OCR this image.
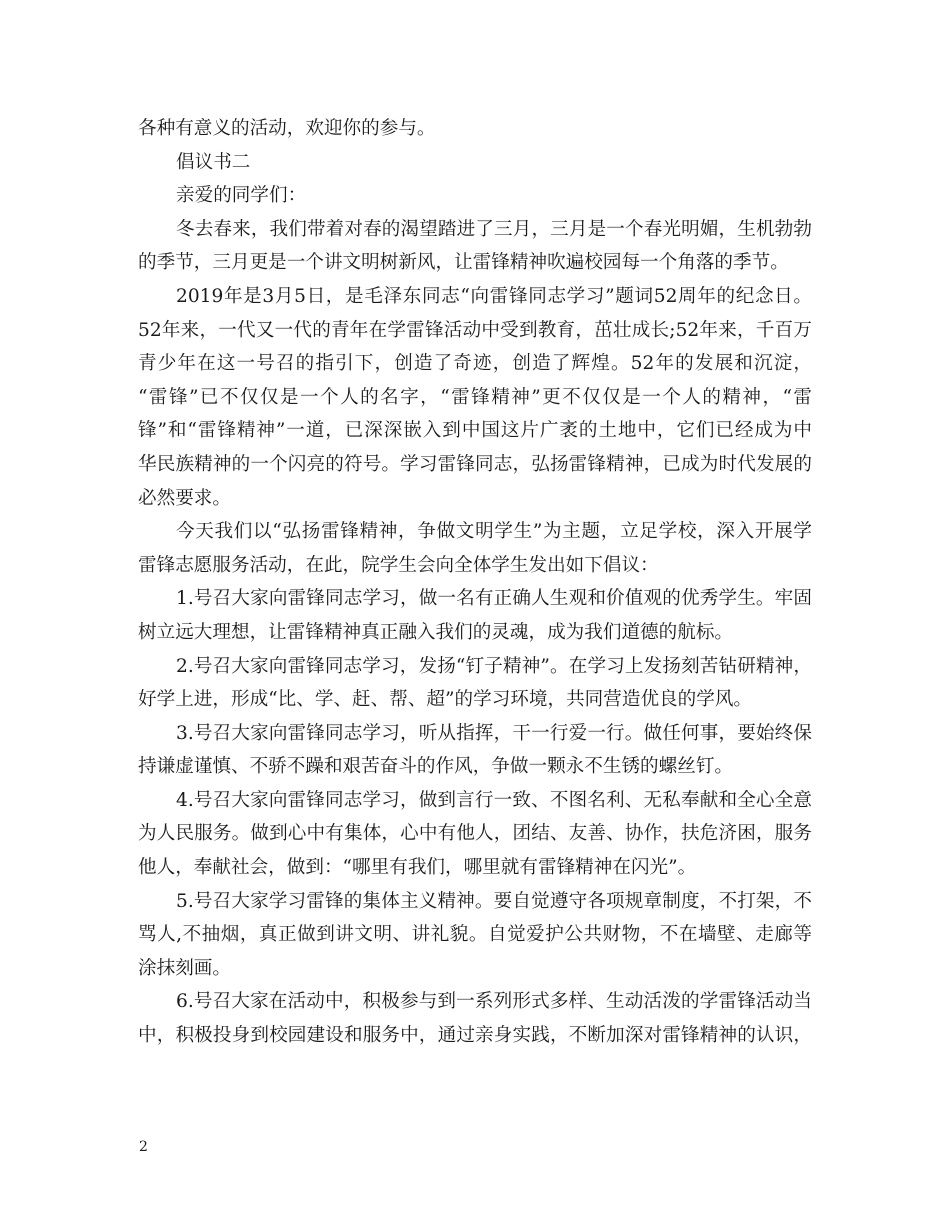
各种有意义的活动，欢迎你的参与。
倡议书二
亲爱的同学们：
冬去春来，我们带着对春的渴望踏进了三月，三月是一个春光明媚，生机勃勃
的季节，三月更是一个讲文明树新风，让雷锋精神吹遍校园每一个角落的季节。
2019年是3月5日，是毛泽东同志“向雷锋同志学习”题词52周年的纪念日。
52年来，一代又一代的青年在学雷锋活动中受到教育，茁壮成长;52年来，千百万
青少年在这一号召的指引下，创造了奇迹，创造了辉煌。52年的发展和沉淀，
“雷锋”已不仅仅是一个人的名字，“雷锋精神”更不仅仅是一个人的精神，“雷
锋”和“雷锋精神”一道，已深深嵌入到中国这片广袤的土地中，它们已经成为中
华民族精神的一个闪亮的符号。学习雷锋同志，弘扬雷锋精神，已成为时代发展的
必然要求。
今天我们以“弘扬雷锋精神，争做文明学生”为主题，立足学校，深入开展学
雷锋志愿服务活动，在此，院学生会向全体学生发出如下倡议：
1.号召大家向雷锋同志学习，做一名有正确人生观和价值观的优秀学生。牢固
树立远大理想，让雷锋精神真正融入我们的灵魂，成为我们道德的航标。
2.号召大家向雷锋同志学习，发扬“钉子精神”。在学习上发扬刻苦钻研精神，
好学上进，形成“比、学、赶、帮、超”的学习环境，共同营造优良的学风。
3.号召大家向雷锋同志学习，听从指挥，干一行爱一行。做任何事，要始终保
持谦虚谨慎、不骄不躁和艰苦奋斗的作风，争做一颗永不生锈的螺丝钉。
4.号召大家向雷锋同志学习，做到言行一致、不图名利、无私奉献和全心全意
为人民服务。做到心中有集体，心中有他人，团结、友善、协作，扶危济困，服务
他人，奉献社会，做到：“哪里有我们，哪里就有雷锋精神在闪光”。
5.号召大家学习雷锋的集体主义精神。要自觉遵守各项规章制度，不打架，不
骂人,不抽烟，真正做到讲文明、讲礼貌。自觉爱护公共财物，不在墙壁、走廊等
涂抹刻画。
6.号召大家在活动中，积极参与到一系列形式多样、生动活泼的学雷锋活动当
中，积极投身到校园建设和服务中，通过亲身实践，不断加深对雷锋精神的认识，
2
